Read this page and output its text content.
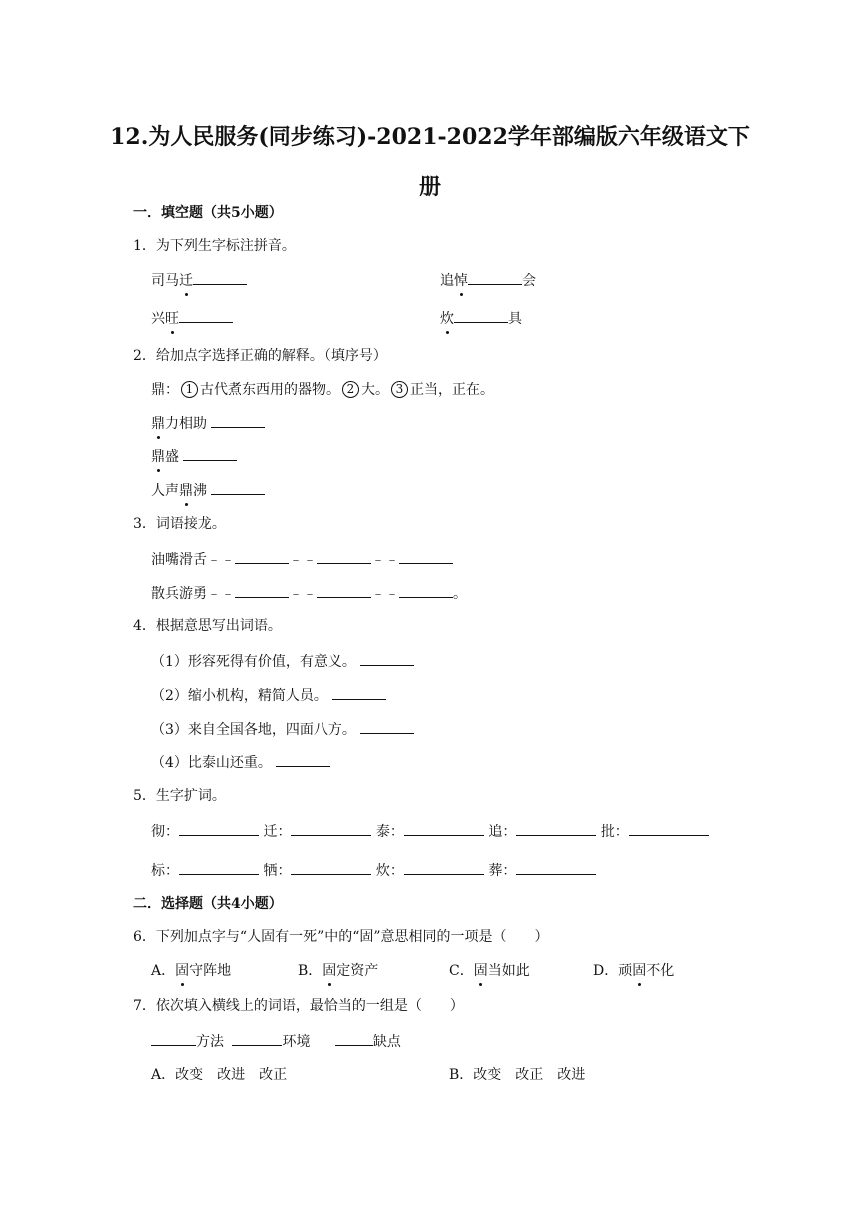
12.为人民服务(同步练习)-2021-2022学年部编版六年级语文下册
一．填空题（共5小题）
1．为下列生字标注拼音。
司马迁	追悼	会
兴旺	炊	具
2．给加点字选择正确的解释。（填序号）
鼎： 1 古代煮东西用的器物。 2 大。 3 正当，正在。
鼎力相助
鼎盛
人声鼎沸
3．词语接龙。
油嘴滑舌﹣﹣	﹣﹣	﹣﹣
散兵游勇﹣﹣	﹣﹣	﹣﹣	。
4．根据意思写出词语。
（1）形容死得有价值，有意义。
（2）缩小机构，精简人员。
（3）来自全国各地，四面八方。
（4）比泰山还重。
5．生字扩词。
彻：	迁：	泰：	追：	批：
标：	牺：	炊：	葬：
二．选择题（共4小题）
6．下列加点字与“人固有一死”中的“固”意思相同的一项是（　　）
A．固守阵地	B．固定资产	C．固当如此	D．顽固不化
7．依次填入横线上的词语，最恰当的一组是（　　）
方法	环境	缺点
A．改变　改进　改正	B．改变　改正　改进
